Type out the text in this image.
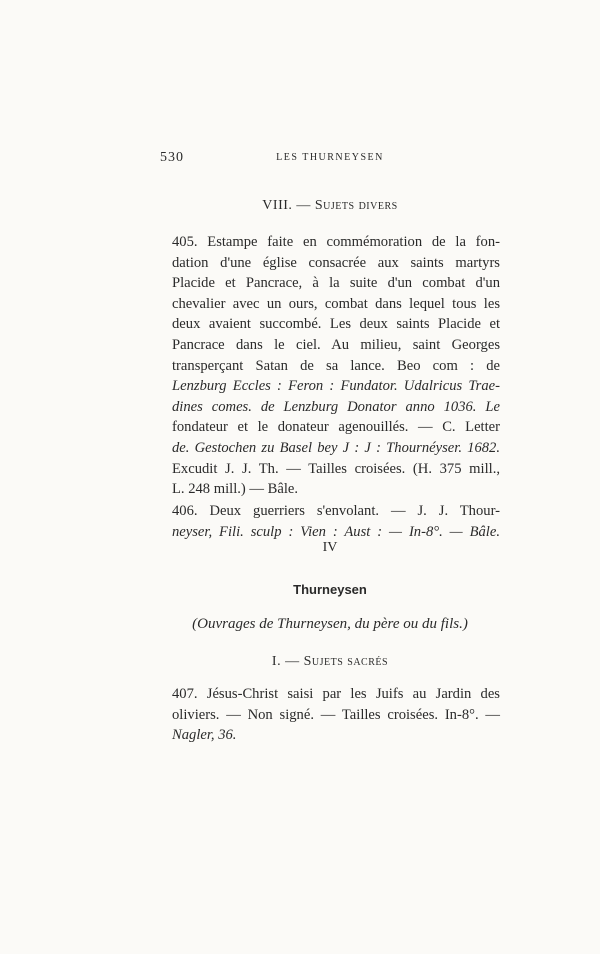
530	LES THURNEYSEN
VIII. — Sujets divers
405. Estampe faite en commémoration de la fon-
dation d'une église consacrée aux saints martyrs
Placide et Pancrace, à la suite d'un combat d'un
chevalier avec un ours, combat dans lequel tous les
deux avaient succombé. Les deux saints Placide et
Pancrace dans le ciel. Au milieu, saint Georges
transperçant Satan de sa lance. Beo com : de
Lenzburg Eccles : Feron : Fundator. Udalricus Trae-
dines comes. de Lenzburg Donator anno 1036. Le
fondateur et le donateur agenouillés. — C. Letter
de. Gestochen zu Basel bey J : J : Thournéyser. 1682.
Excudit J. J. Th. — Tailles croisées. (H. 375 mill.,
L. 248 mill.) — Bâle.
406. Deux guerriers s'envolant. — J. J. Thour-
neyser, Fili. sculp : Vien : Aust : — In-8°. — Bâle.
IV
Thurneysen
(Ouvrages de Thurneysen, du père ou du fils.)
I. — Sujets sacrés
407. Jésus-Christ saisi par les Juifs au Jardin des
oliviers. — Non signé. — Tailles croisées. In-8°. —
Nagler, 36.
